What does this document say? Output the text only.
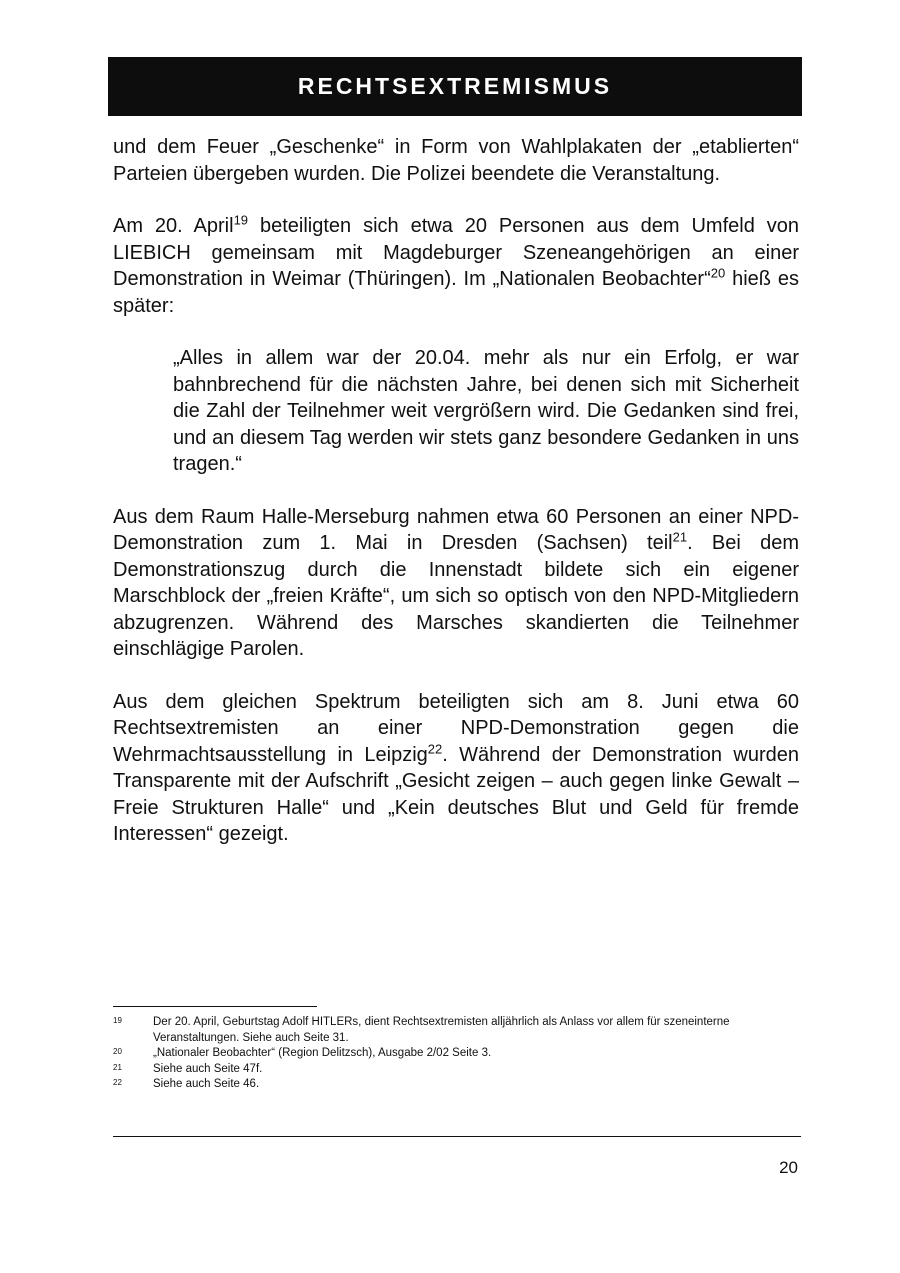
RECHTSEXTREMISMUS

und dem Feuer „Geschenke“ in Form von Wahlplakaten der „etablierten“ Parteien übergeben wurden. Die Polizei beendete die Veranstaltung.

Am 20. April$^{19}$ beteiligten sich etwa 20 Personen aus dem Umfeld von LIEBICH gemeinsam mit Magdeburger Szeneangehörigen an einer Demonstration in Weimar (Thüringen). Im „Nationalen Beobachter“$^{20}$ hieß es später:

„Alles in allem war der 20.04. mehr als nur ein Erfolg, er war bahnbrechend für die nächsten Jahre, bei denen sich mit Sicherheit die Zahl der Teilnehmer weit vergrößern wird. Die Gedanken sind frei, und an diesem Tag werden wir stets ganz besondere Gedanken in uns tragen.“

Aus dem Raum Halle-Merseburg nahmen etwa 60 Personen an einer NPD-Demonstration zum 1. Mai in Dresden (Sachsen) teil$^{21}$. Bei dem Demonstrationszug durch die Innenstadt bildete sich ein eigener Marschblock der „freien Kräfte“, um sich so optisch von den NPD-Mitgliedern abzugrenzen. Während des Marsches skandierten die Teilnehmer einschlägige Parolen.

Aus dem gleichen Spektrum beteiligten sich am 8. Juni etwa 60 Rechtsextremisten an einer NPD-Demonstration gegen die Wehrmachtsausstellung in Leipzig$^{22}$. Während der Demonstration wurden Transparente mit der Aufschrift „Gesicht zeigen – auch gegen linke Gewalt – Freie Strukturen Halle“ und „Kein deutsches Blut und Geld für fremde Interessen“ gezeigt.

19	Der 20. April, Geburtstag Adolf HITLERs, dient Rechtsextremisten alljährlich als Anlass vor allem für szeneinterne Veranstaltungen. Siehe auch Seite 31.
20	„Nationaler Beobachter“ (Region Delitzsch), Ausgabe 2/02 Seite 3.
21	Siehe auch Seite 47f.
22	Siehe auch Seite 46.
20
